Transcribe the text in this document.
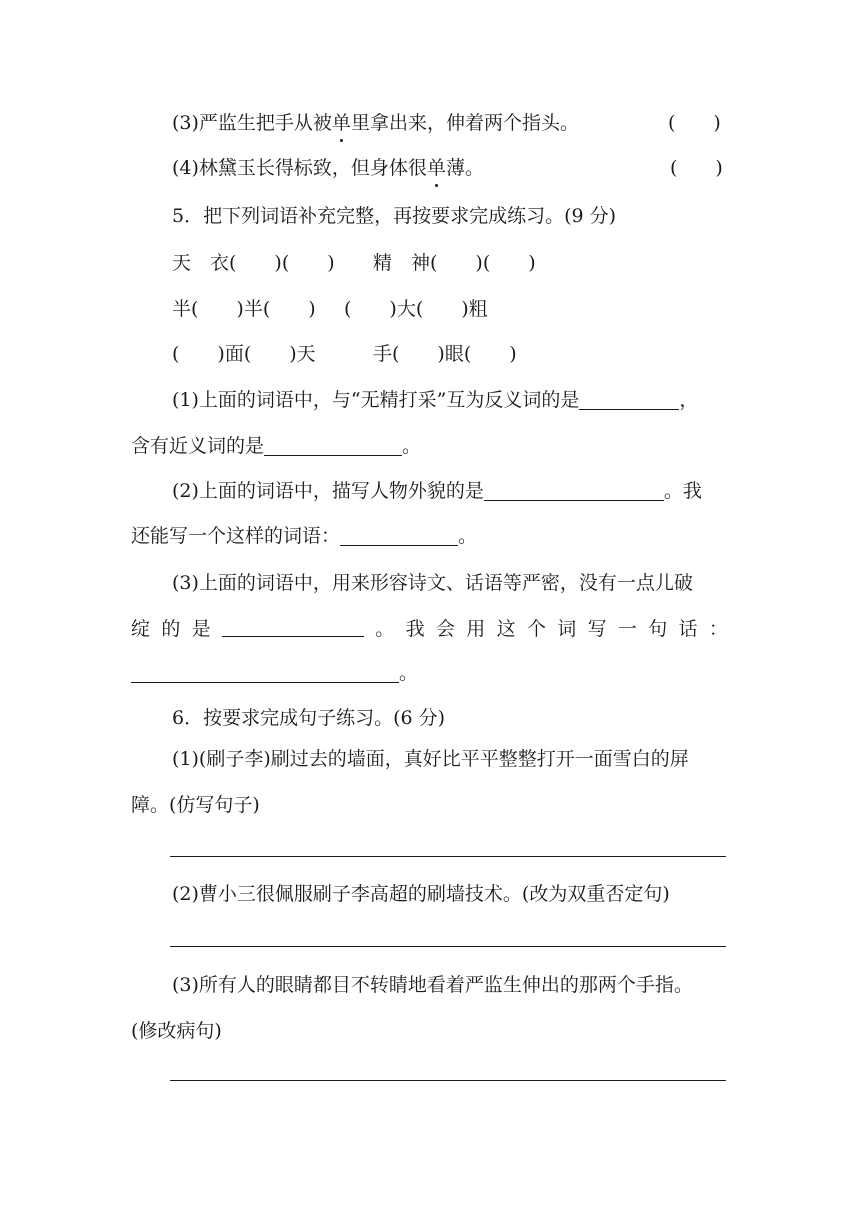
(3)严监生把手从被单里拿出来，伸着两个指头。	(　　)
(4)林黛玉长得标致，但身体很单薄。	(　　)
5．把下列词语补充完整，再按要求完成练习。(9 分)
天　衣(　　)(　　) 精　神(　　)(　　)
半(　　)半(　　) (　　)大(　　)粗
(　　)面(　　)天	手(　　)眼(　　)
(1)上面的词语中，与“无精打采”互为反义词的是	，
含有近义词的是	。
(2)上面的词语中，描写人物外貌的是	。我
还能写一个这样的词语：	。
(3)上面的词语中，用来形容诗文、话语等严密，没有一点儿破
绽 的 是	。 我 会 用 这 个 词 写 一 句 话 ：
。
6．按要求完成句子练习。(6 分)
(1)(刷子李)刷过去的墙面，真好比平平整整打开一面雪白的屏
障。(仿写句子)
(2)曹小三很佩服刷子李高超的刷墙技术。(改为双重否定句)
(3)所有人的眼睛都目不转睛地看着严监生伸出的那两个手指。
(修改病句)
